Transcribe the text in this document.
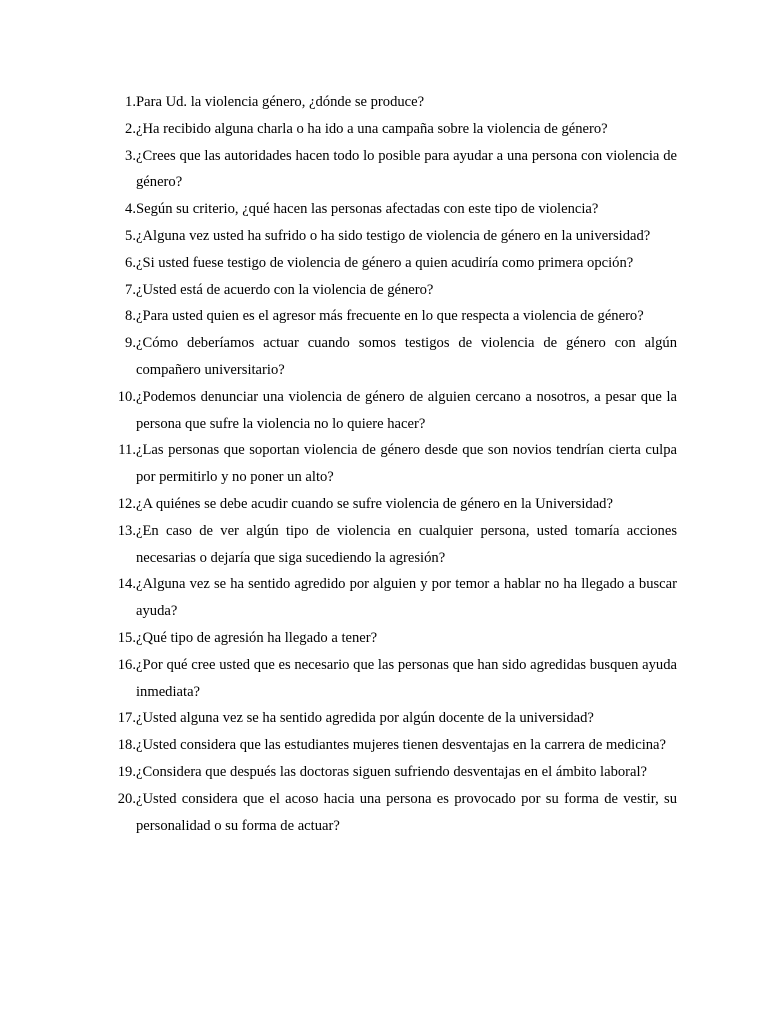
1. Para Ud. la violencia género, ¿dónde se produce?
2. ¿Ha recibido alguna charla o ha ido a una campaña sobre la violencia de género?
3. ¿Crees que las autoridades hacen todo lo posible para ayudar a una persona con violencia de género?
4. Según su criterio, ¿qué hacen las personas afectadas con este tipo de violencia?
5. ¿Alguna vez usted ha sufrido o ha sido testigo de violencia de género en la universidad?
6. ¿Si usted fuese testigo de violencia de género a quien acudiría como primera opción?
7. ¿Usted está de acuerdo con la violencia de género?
8. ¿Para usted quien es el agresor más frecuente en lo que respecta a violencia de género?
9. ¿Cómo deberíamos actuar cuando somos testigos de violencia de género con algún compañero universitario?
10. ¿Podemos denunciar una violencia de género de alguien cercano a nosotros, a pesar que la persona que sufre la violencia no lo quiere hacer?
11. ¿Las personas que soportan violencia de género desde que son novios tendrían cierta culpa por permitirlo y no poner un alto?
12. ¿A quiénes se debe acudir cuando se sufre violencia de género en la Universidad?
13. ¿En caso de ver algún tipo de violencia en cualquier persona, usted tomaría acciones necesarias o dejaría que siga sucediendo la agresión?
14. ¿Alguna vez se ha sentido agredido por alguien y por temor a hablar no ha llegado a buscar ayuda?
15. ¿Qué tipo de agresión ha llegado a tener?
16. ¿Por qué cree usted que es necesario que las personas que han sido agredidas busquen ayuda inmediata?
17. ¿Usted alguna vez se ha sentido agredida por algún docente de la universidad?
18. ¿Usted considera que las estudiantes mujeres tienen desventajas en la carrera de medicina?
19. ¿Considera que después las doctoras siguen sufriendo desventajas en el ámbito laboral?
20. ¿Usted considera que el acoso hacia una persona es provocado por su forma de vestir, su personalidad o su forma de actuar?
